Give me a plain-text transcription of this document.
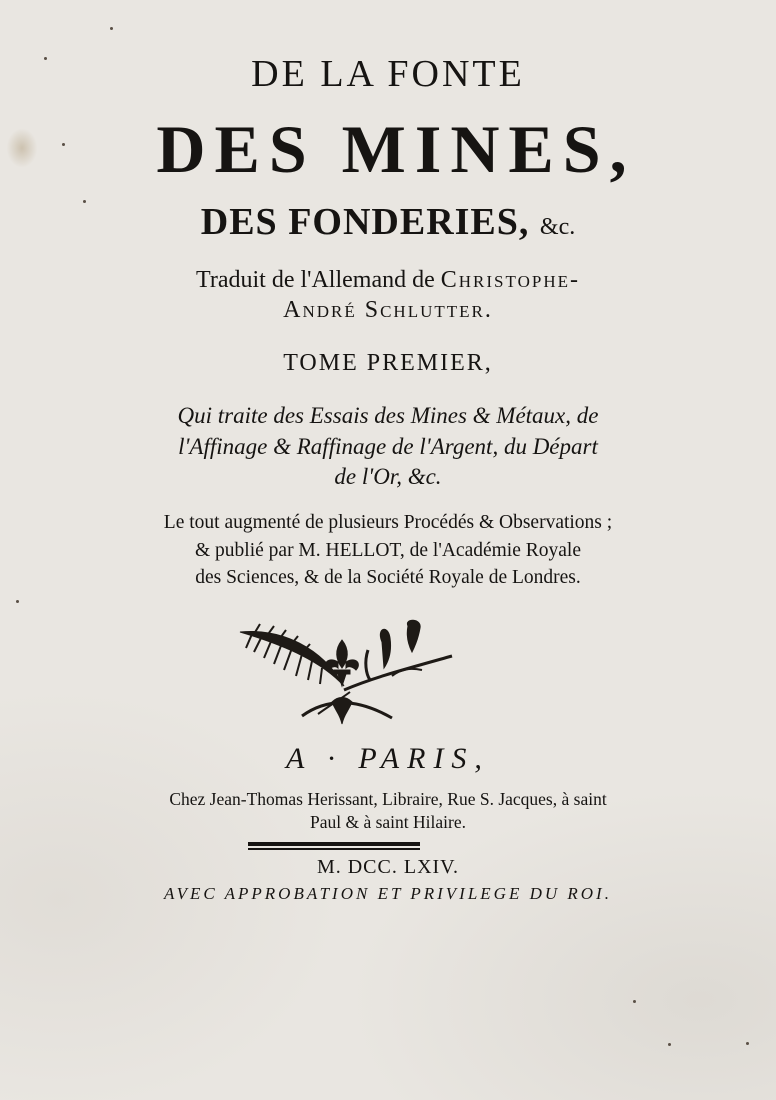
DE LA FONTE
DES MINES,
DES FONDERIES, &c.
Traduit de l'Allemand de Christophe-
André Schlutter.
TOME PREMIER,
Qui traite des Essais des Mines & Métaux, de
l'Affinage & Raffinage de l'Argent, du Départ
de l'Or, &c.
Le tout augmenté de plusieurs Procédés & Observations ;
& publié par M. HELLOT, de l'Académie Royale
des Sciences, & de la Société Royale de Londres.
A · PARIS,
Chez Jean-Thomas Herissant, Libraire, Rue S. Jacques, à saint
Paul & à saint Hilaire.
M. DCC. LXIV.
AVEC APPROBATION ET PRIVILEGE DU ROI.
